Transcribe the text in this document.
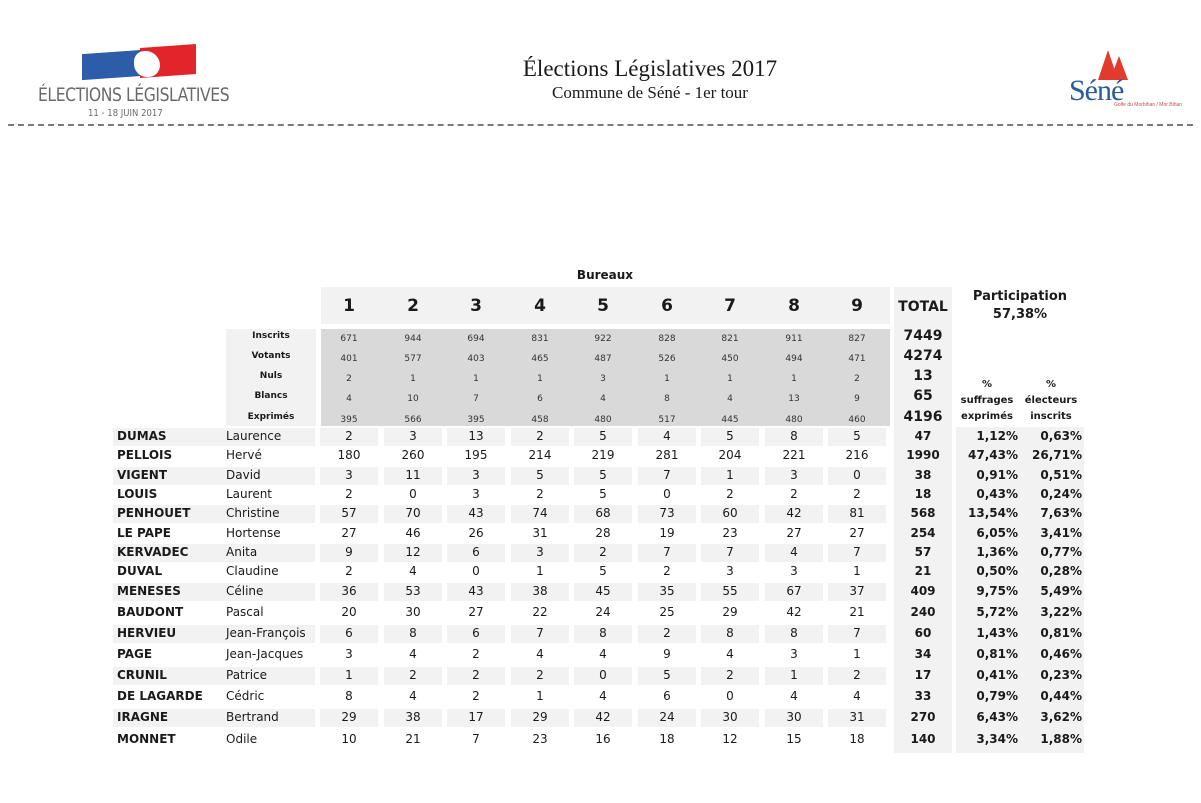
ÉLECTIONS LÉGISLATIVES
11 - 18 JUIN 2017
Élections Législatives 2017
Commune de Séné - 1er tour	Séné
Golfe du Morbihan / Mor Bihan
Bureaux
TOTAL
Participation
57,38%
%
suffrages
exprimés
%
électeurs
inscrits
1	2	3	4	5	6	7	8	9
Inscrits	671	944	694	831	922	828	821	911	827	7449
Votants	401	577	403	465	487	526	450	494	471	4274
Nuls	2	1	1	1	3	1	1	1	2	13
Blancs	4	10	7	6	4	8	4	13	9	65
Exprimés	395	566	395	458	480	517	445	480	460	4196
DUMAS	Laurence	2	3	13	2	5	4	5	8	5	47	1,12%	0,63%
PELLOIS	Hervé	180	260	195	214	219	281	204	221	216	1990	47,43%	26,71%
VIGENT	David	3	11	3	5	5	7	1	3	0	38	0,91%	0,51%
LOUIS	Laurent	2	0	3	2	5	0	2	2	2	18	0,43%	0,24%
PENHOUET	Christine	57	70	43	74	68	73	60	42	81	568	13,54%	7,63%
LE PAPE	Hortense	27	46	26	31	28	19	23	27	27	254	6,05%	3,41%
KERVADEC	Anita	9	12	6	3	2	7	7	4	7	57	1,36%	0,77%
DUVAL	Claudine	2	4	0	1	5	2	3	3	1	21	0,50%	0,28%
MENESES	Céline	36	53	43	38	45	35	55	67	37	409	9,75%	5,49%
BAUDONT	Pascal	20	30	27	22	24	25	29	42	21	240	5,72%	3,22%
HERVIEU	Jean-François	6	8	6	7	8	2	8	8	7	60	1,43%	0,81%
PAGE	Jean-Jacques	3	4	2	4	4	9	4	3	1	34	0,81%	0,46%
CRUNIL	Patrice	1	2	2	2	0	5	2	1	2	17	0,41%	0,23%
DE LAGARDE Cédric	8	4	2	1	4	6	0	4	4	33	0,79%	0,44%
IRAGNE	Bertrand	29	38	17	29	42	24	30	30	31	270	6,43%	3,62%
MONNET	Odile	10	21	7	23	16	18	12	15	18	140	3,34%	1,88%
